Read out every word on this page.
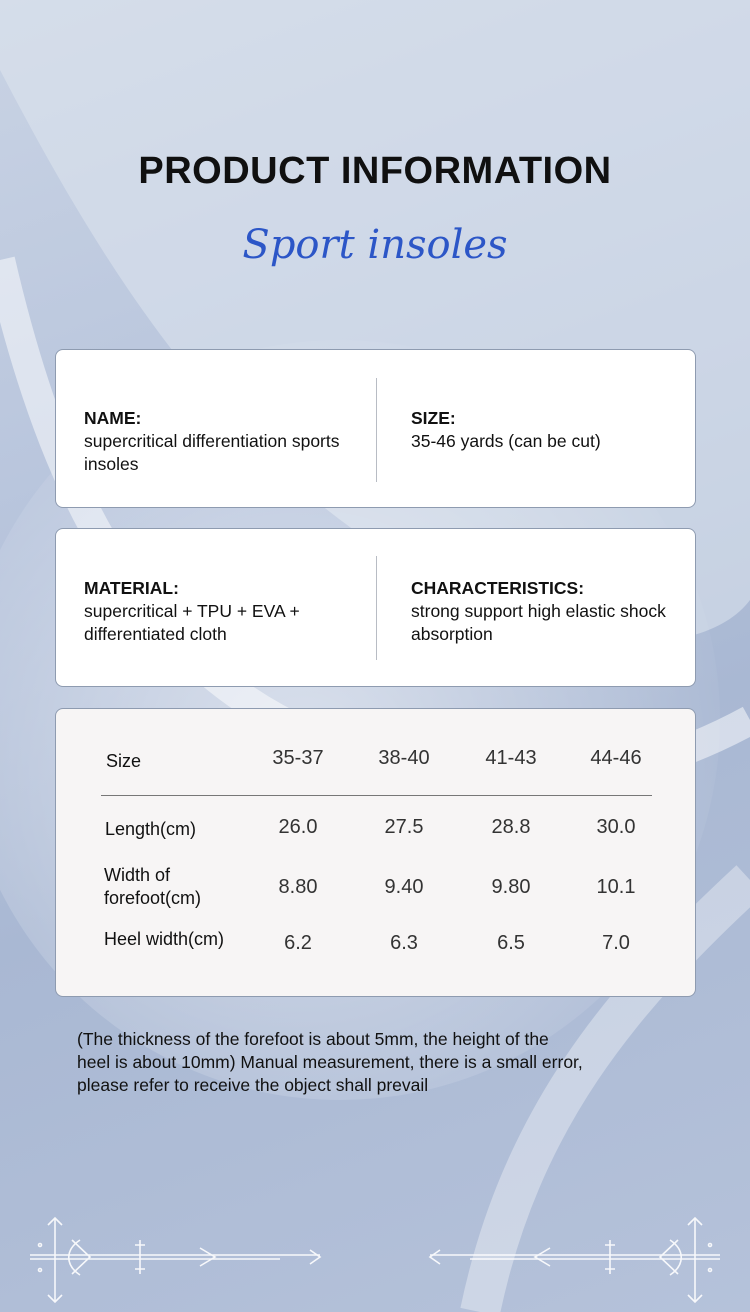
PRODUCT INFORMATION
Sport insoles
NAME:
supercritical differentiation sports insoles
SIZE:
35-46 yards (can be cut)
MATERIAL:
supercritical + TPU + EVA + differentiated cloth
CHARACTERISTICS:
strong support high elastic shock absorption
Size	35-37	38-40	41-43	44-46
Length(cm)	26.0	27.5	28.8	30.0
Width of
forefoot(cm)	8.80	9.40	9.80	10.1
Heel width(cm)	6.2	6.3	6.5	7.0
(The thickness of the forefoot is about 5mm, the height of the
heel is about 10mm) Manual measurement, there is a small error,
please refer to receive the object shall prevail
